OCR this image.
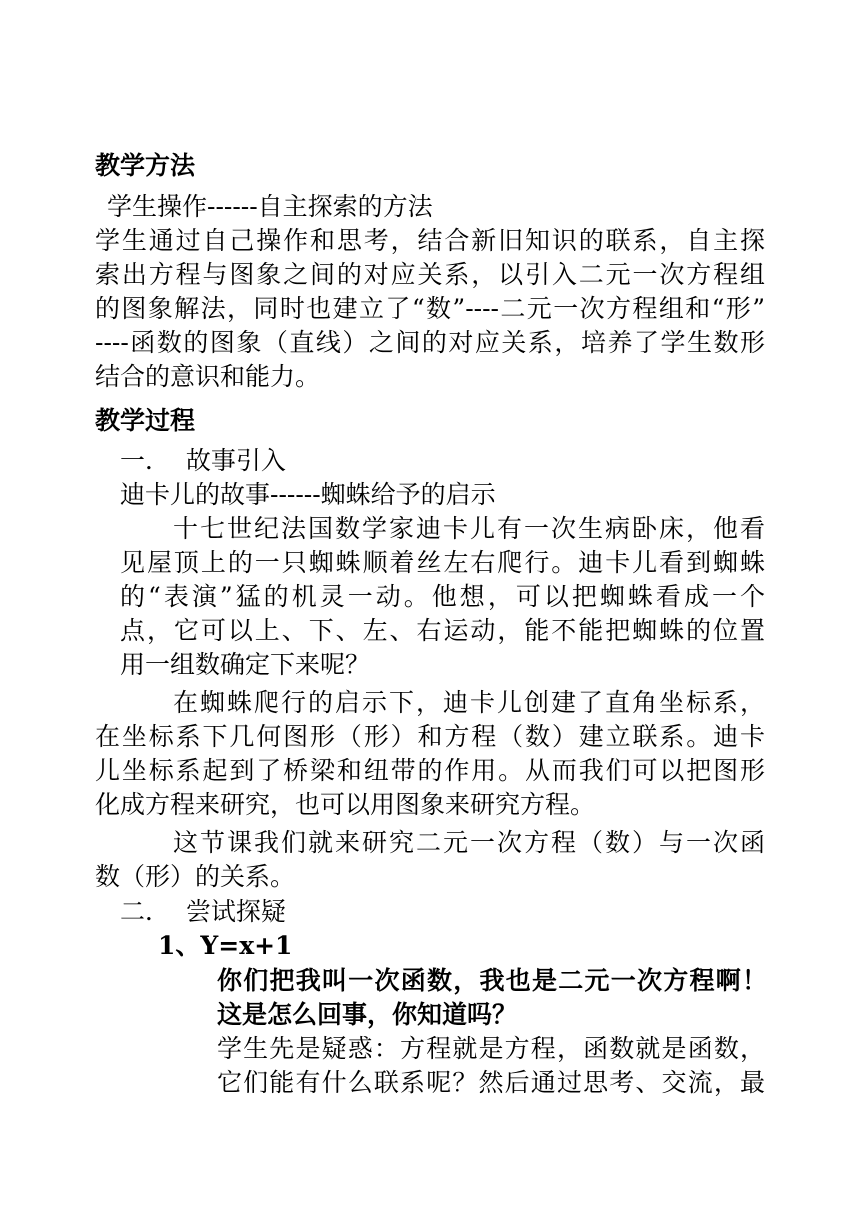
教学方法
学生操作------自主探索的方法
学生通过自己操作和思考，结合新旧知识的联系，自主探
索出方程与图象之间的对应关系，以引入二元一次方程组
的图象解法，同时也建立了“数”----二元一次方程组和“形”
----函数的图象（直线）之间的对应关系，培养了学生数形
结合的意识和能力。
教学过程
一．  故事引入
迪卡儿的故事------蜘蛛给予的启示
十七世纪法国数学家迪卡儿有一次生病卧床，他看
见屋顶上的一只蜘蛛顺着丝左右爬行。迪卡儿看到蜘蛛
的“表演”猛的机灵一动。他想，可以把蜘蛛看成一个
点，它可以上、下、左、右运动，能不能把蜘蛛的位置
用一组数确定下来呢？
在蜘蛛爬行的启示下，迪卡儿创建了直角坐标系，
在坐标系下几何图形（形）和方程（数）建立联系。迪卡
儿坐标系起到了桥梁和纽带的作用。从而我们可以把图形
化成方程来研究，也可以用图象来研究方程。
这节课我们就来研究二元一次方程（数）与一次函
数（形）的关系。
二．  尝试探疑
1、Y=x+1
你们把我叫一次函数，我也是二元一次方程啊！
这是怎么回事，你知道吗？
学生先是疑惑：方程就是方程，函数就是函数，
它们能有什么联系呢？然后通过思考、交流，最
